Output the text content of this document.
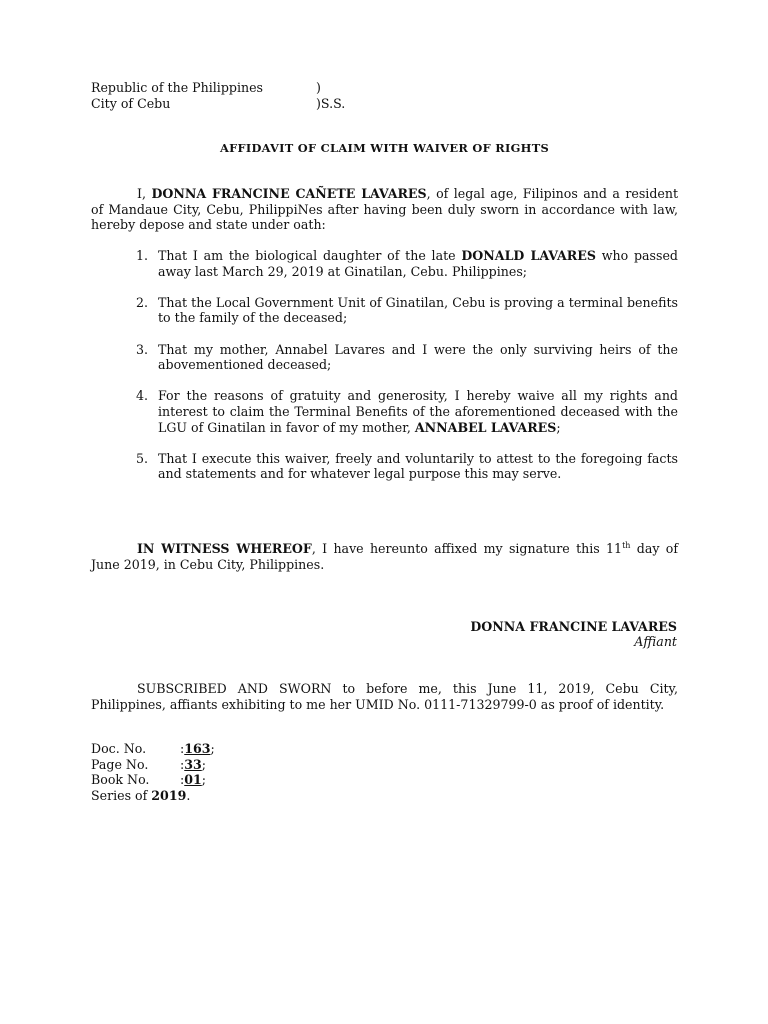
Republic of the Philippines	)
City of Cebu	)S.S.
AFFIDAVIT OF CLAIM WITH WAIVER OF RIGHTS
I, DONNA FRANCINE CAÑETE LAVARES, of legal age, Filipinos and a resident of Mandaue City, Cebu, PhilippiNes after having been duly sworn in accordance with law, hereby depose and state under oath:
1. That I am the biological daughter of the late DONALD LAVARES who passed away last March 29, 2019 at Ginatilan, Cebu. Philippines;
2. That the Local Government Unit of Ginatilan, Cebu is proving a terminal benefits to the family of the deceased;
3. That my mother, Annabel Lavares and I were the only surviving heirs of the abovementioned deceased;
4. For the reasons of gratuity and generosity, I hereby waive all my rights and interest to claim the Terminal Benefits of the aforementioned deceased with the LGU of Ginatilan in favor of my mother, ANNABEL LAVARES;
5. That I execute this waiver, freely and voluntarily to attest to the foregoing facts and statements and for whatever legal purpose this may serve.
IN WITNESS WHEREOF, I have hereunto affixed my signature this 11th day of June 2019, in Cebu City, Philippines.
DONNA FRANCINE LAVARES
Affiant
SUBSCRIBED AND SWORN to before me, this June 11, 2019, Cebu City, Philippines, affiants exhibiting to me her UMID No. 0111-71329799-0 as proof of identity.
Doc. No.	:163;
Page No.	:33;
Book No. :01;
Series of 2019.
